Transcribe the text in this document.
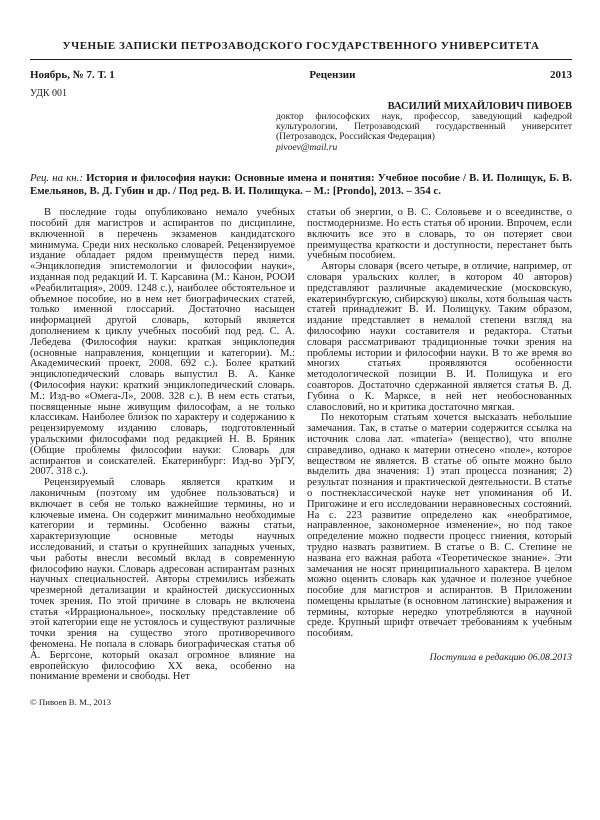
УЧЕНЫЕ ЗАПИСКИ ПЕТРОЗАВОДСКОГО ГОСУДАРСТВЕННОГО УНИВЕРСИТЕТА
Ноябрь, № 7. Т. 1	Рецензии	2013
УДК 001
ВАСИЛИЙ МИХАЙЛОВИЧ ПИВОЕВ
доктор философских наук, профессор, заведующий кафедрой культурологии, Петрозаводский государственный университет (Петрозаводск, Российская Федерация)
pivoev@mail.ru
Рец. на кн.: История и философия науки: Основные имена и понятия: Учебное пособие / В. И. Полищук, Б. В. Емельянов, В. Д. Губин и др. / Под ред. В. И. Полищука. – М.: [Prondo], 2013. – 354 с.

В последние годы опубликовано немало учебных пособий для магистров и аспирантов по дисциплине, включенной в перечень экзаменов кандидатского минимума. Среди них несколько словарей. Рецензируемое издание обладает рядом преимуществ перед ними. «Энциклопедия эпистемологии и философии науки», изданная под редакций И. Т. Карсавина (М.: Канон, РООИ «Реабилитация», 2009. 1248 с.), наиболее обстоятельное и объемное пособие, но в нем нет биографических статей, только именной глоссарий. Достаточно насыщен информацией другой словарь, который является дополнением к циклу учебных пособий под ред. С. А. Лебедева (Философия науки: краткая энциклопедия (основные направления, концепции и категории). М.: Академический проект, 2008. 692 с.). Более краткий энциклопедический словарь выпустил В. А. Канке (Философия науки: краткий энциклопедический словарь. М.: Изд-во «Омега-Л», 2008. 328 с.). В нем есть статьи, посвященные ныне живущим философам, а не только классикам. Наиболее близок по характеру и содержанию к рецензируемому изданию словарь, подготовленный уральскими философами под редакцией Н. В. Бряник (Общие проблемы философии науки: Словарь для аспирантов и соискателей. Екатеринбург: Изд-во УрГУ, 2007. 318 с.).

Рецензируемый словарь является кратким и лаконичным (поэтому им удобнее пользоваться) и включает в себя не только важнейшие термины, но и ключевые имена. Он содержит минимально необходимые категории и термины. Особенно важны статьи, характеризующие основные методы научных исследований, и статьи о крупнейших западных ученых, чьи работы внесли весомый вклад в современную философию науки. Словарь адресован аспирантам разных научных специальностей. Авторы стремились избежать чрезмерной детализации и крайностей дискуссионных точек зрения. По этой причине в словарь не включена статья «Иррациональное», поскольку представление об этой категории еще не устоялось и существуют различные точки зрения на существо этого противоречивого феномена. Не попала в словарь биографическая статья об А. Бергсоне, который оказал огромное влияние на европейскую философию XX века, особенно на понимание времени и свободы. Нет

статьи об энергии, о В. С. Соловьеве и о всеединстве, о постмодернизме. Но есть статья об иронии. Впрочем, если включить все это в словарь, то он потеряет свои преимущества краткости и доступности, перестанет быть учебным пособием.

Авторы словаря (всего четыре, в отличие, например, от словаря уральских коллег, в котором 40 авторов) представляют различные академические (московскую, екатеринбургскую, сибирскую) школы, хотя бо́льшая часть статей принадлежит В. И. Полищуку. Таким образом, издание представляет в немалой степени взгляд на философию науки составителя и редактора. Статьи словаря рассматривают традиционные точки зрения на проблемы истории и философии науки. В то же время во многих статьях проявляются особенности методологической позиции В. И. Полищука и его соавторов. Достаточно сдержанной является статья В. Д. Губина о К. Марксе, в ней нет необоснованных славословий, но и критика достаточно мягкая.

По некоторым статьям хочется высказать небольшие замечания. Так, в статье о материи содержится ссылка на источник слова лат. «materia» (вещество), что вполне справедливо, однако к материи отнесено «поле», которое веществом не является. В статье об опыте можно было выделить два значения: 1) этап процесса познания; 2) результат познания и практической деятельности. В статье о постнеклассической науке нет упоминания об И. Пригожине и его исследовании неравновесных состояний. На с. 223 развитие определено как «необратимое, направленное, закономерное изменение», но под такое определение можно подвести процесс гниения, который трудно назвать развитием. В статье о В. С. Степине не названа его важная работа «Теоретическое знание». Эти замечания не носят принципиального характера. В целом можно оценить словарь как удачное и полезное учебное пособие для магистров и аспирантов. В Приложении помещены крылатые (в основном латинские) выражения и термины, которые нередко употребляются в научной среде. Крупный шрифт отвечает требованиям к учебным пособиям.

Поступила в редакцию 06.08.2013
© Пивоев В. М., 2013
